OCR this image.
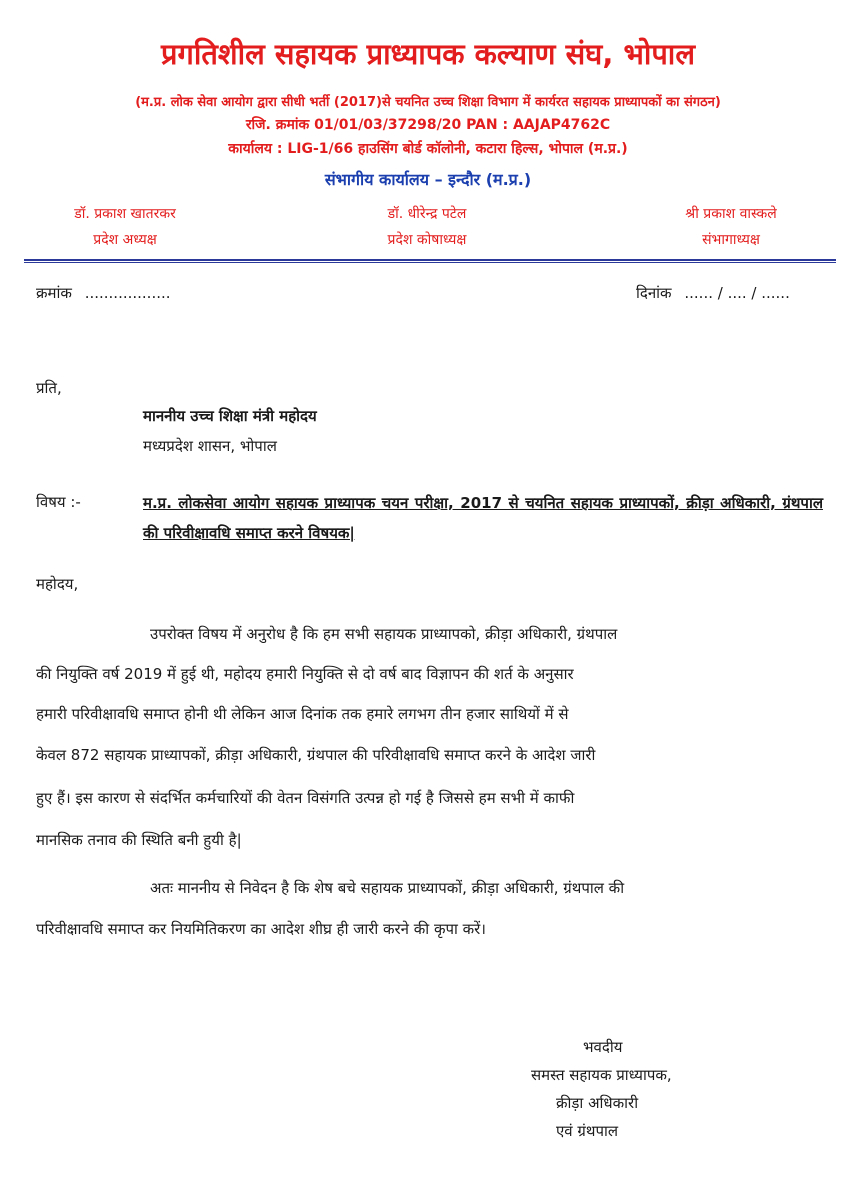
प्रगतिशील सहायक प्राध्यापक कल्याण संघ, भोपाल
(म.प्र. लोक सेवा आयोग द्वारा सीधी भर्ती (2017)से चयनित उच्च शिक्षा विभाग में कार्यरत सहायक प्राध्यापकों का संगठन)
रजि. क्रमांक 01/01/03/37298/20 PAN : AAJAP4762C
कार्यालय : LIG-1/66 हाउसिंग बोर्ड कॉलोनी, कटारा हिल्स, भोपाल (म.प्र.)
संभागीय कार्यालय – इन्दौर (म.प्र.)
डॉ. प्रकाश खातरकर
प्रदेश अध्यक्ष
डॉ. धीरेन्द्र पटेल
प्रदेश कोषाध्यक्ष
श्री प्रकाश वास्कले
संभागाध्यक्ष
क्रमांक ..................	दिनांक ...... / .... / ......
प्रति,
माननीय उच्च शिक्षा मंत्री महोदय
मध्यप्रदेश शासन, भोपाल
विषय :-	म.प्र. लोकसेवा आयोग सहायक प्राध्यापक चयन परीक्षा, 2017 से चयनित सहायक प्राध्यापकों, क्रीड़ा अधिकारी, ग्रंथपाल की परिवीक्षावधि समाप्त करने विषयक|
महोदय,
उपरोक्त विषय में अनुरोध है कि हम सभी सहायक प्राध्यापको, क्रीड़ा अधिकारी, ग्रंथपाल
की नियुक्ति वर्ष 2019 में हुई थी, महोदय हमारी नियुक्ति से दो वर्ष बाद विज्ञापन की शर्त के अनुसार
हमारी परिवीक्षावधि समाप्त होनी थी लेकिन आज दिनांक तक हमारे लगभग तीन हजार साथियों में से
केवल 872 सहायक प्राध्यापकों, क्रीड़ा अधिकारी, ग्रंथपाल की परिवीक्षावधि समाप्त करने के आदेश जारी
हुए हैं। इस कारण से संदर्भित कर्मचारियों की वेतन विसंगति उत्पन्न हो गई है जिससे हम सभी में काफी
मानसिक तनाव की स्थिति बनी हुयी है|
अतः माननीय से निवेदन है कि शेष बचे सहायक प्राध्यापकों, क्रीड़ा अधिकारी, ग्रंथपाल की
परिवीक्षावधि समाप्त कर नियमितिकरण का आदेश शीघ्र ही जारी करने की कृपा करें।
भवदीय
समस्त सहायक प्राध्यापक,
क्रीड़ा अधिकारी
एवं ग्रंथपाल
